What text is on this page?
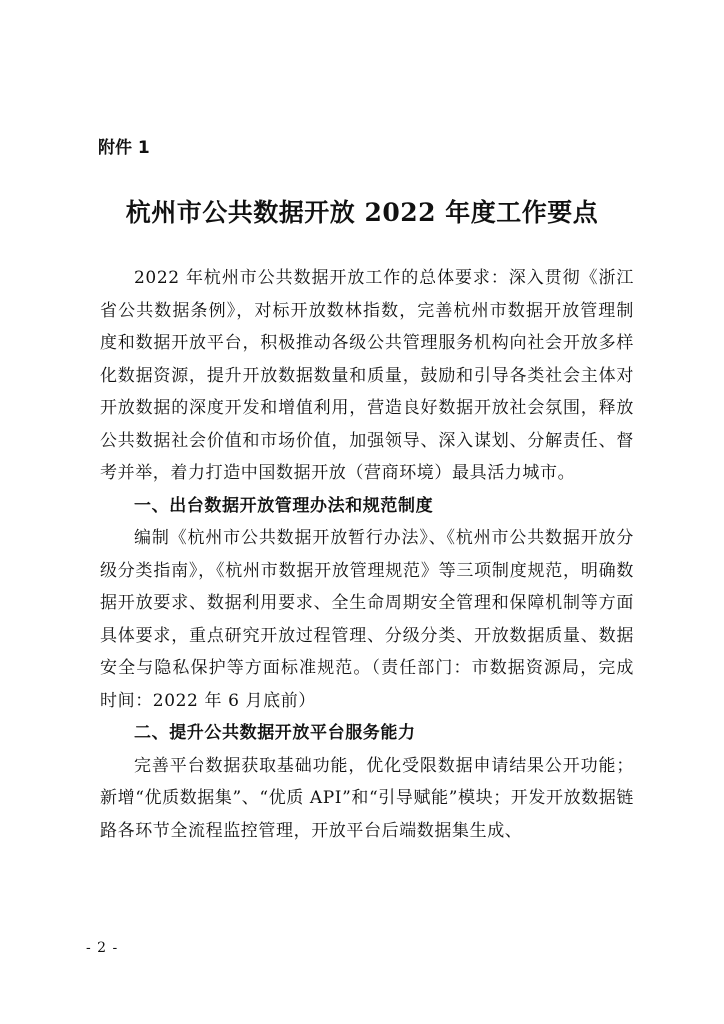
附件 1
杭州市公共数据开放 2022 年度工作要点

2022 年杭州市公共数据开放工作的总体要求：深入贯彻《浙江省公共数据条例》，对标开放数林指数，完善杭州市数据开放管理制度和数据开放平台，积极推动各级公共管理服务机构向社会开放多样化数据资源，提升开放数据数量和质量，鼓励和引导各类社会主体对开放数据的深度开发和增值利用，营造良好数据开放社会氛围，释放公共数据社会价值和市场价值，加强领导、深入谋划、分解责任、督考并举，着力打造中国数据开放（营商环境）最具活力城市。

一、出台数据开放管理办法和规范制度

编制《杭州市公共数据开放暂行办法》、《杭州市公共数据开放分级分类指南》，《杭州市数据开放管理规范》等三项制度规范，明确数据开放要求、数据利用要求、全生命周期安全管理和保障机制等方面具体要求，重点研究开放过程管理、分级分类、开放数据质量、数据安全与隐私保护等方面标准规范。（责任部门：市数据资源局，完成时间：2022 年 6 月底前）

二、提升公共数据开放平台服务能力

完善平台数据获取基础功能，优化受限数据申请结果公开功能；新增“优质数据集”、“优质 API”和“引导赋能”模块；开发开放数据链路各环节全流程监控管理，开放平台后端数据集生成、

- 2 -
